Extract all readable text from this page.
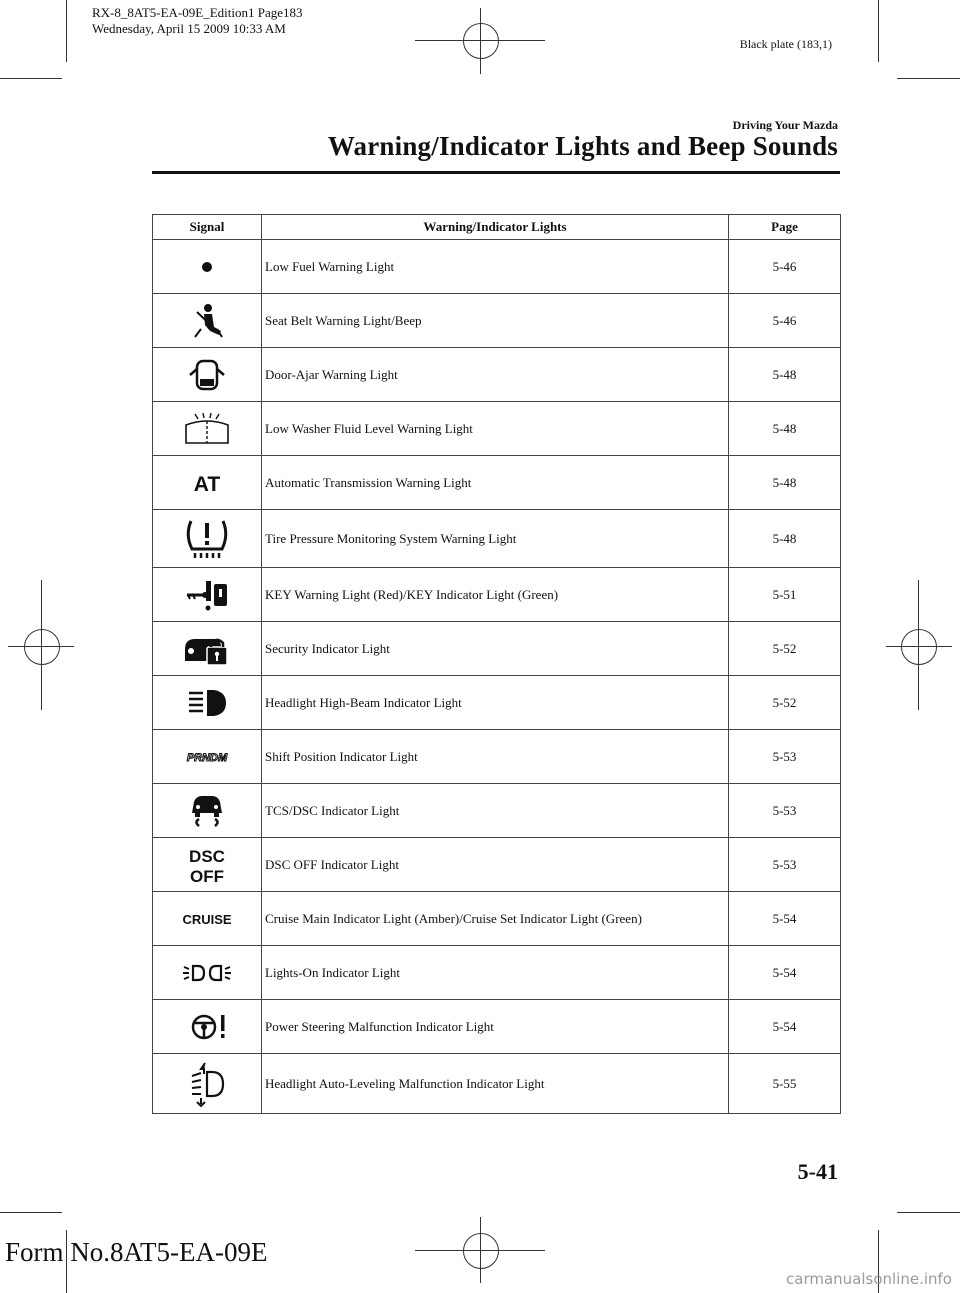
RX-8_8AT5-EA-09E_Edition1 Page183
Wednesday, April 15 2009 10:33 AM
Black plate (183,1)
Driving Your Mazda
Warning/Indicator Lights and Beep Sounds
Signal	Warning/Indicator Lights	Page

	Low Fuel Warning Light	5-46

	Seat Belt Warning Light/Beep	5-46

	Door-Ajar Warning Light	5-48

	Low Washer Fluid Level Warning Light	5-48

AT	Automatic Transmission Warning Light	5-48

	Tire Pressure Monitoring System Warning Light	5-48

	KEY Warning Light (Red)/KEY Indicator Light (Green)	5-51

	Security Indicator Light	5-52

	Headlight High-Beam Indicator Light	5-52

PRNDM	Shift Position Indicator Light	5-53

	TCS/DSC Indicator Light	5-53

DSC
OFF	DSC OFF Indicator Light	5-53

CRUISE	Cruise Main Indicator Light (Amber)/Cruise Set Indicator Light (Green)	5-54

	Lights-On Indicator Light	5-54

	Power Steering Malfunction Indicator Light	5-54

	Headlight Auto-Leveling Malfunction Indicator Light	5-55
5-41
Form No.8AT5-EA-09E
carmanualsonline.info
